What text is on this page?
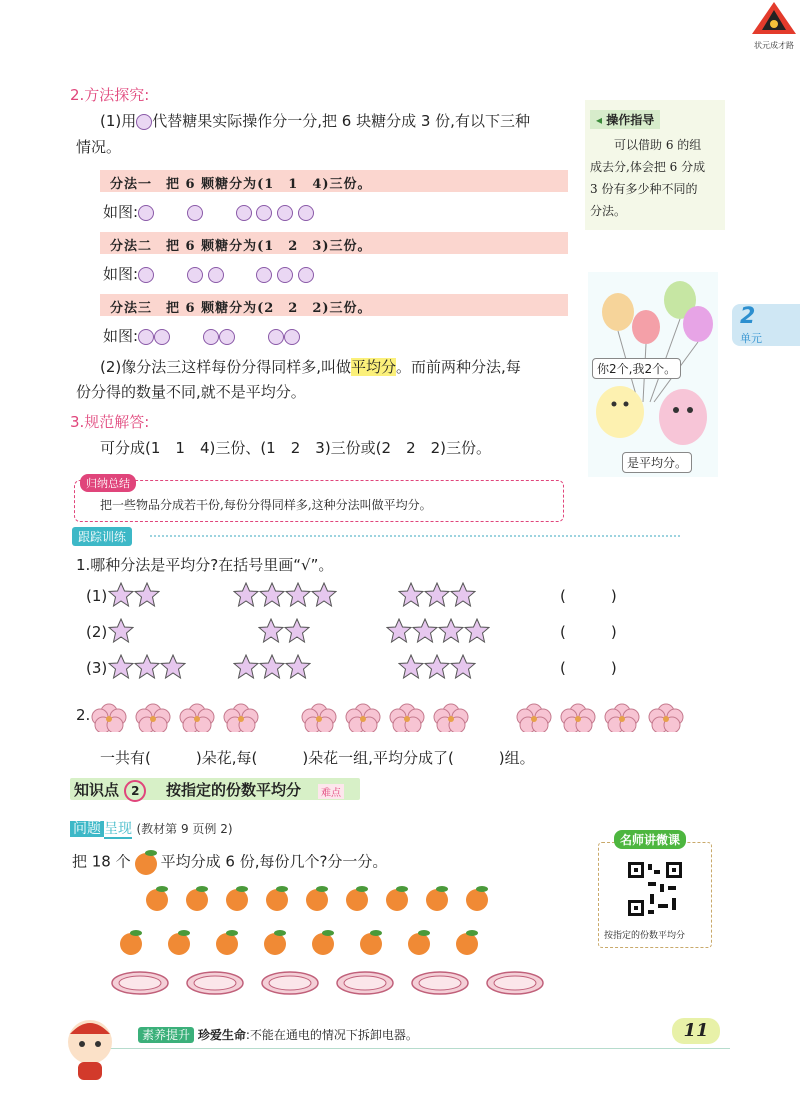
状元成才路
2.方法探究:
(1)用 代替糖果实际操作分一分,把 6 块糖分成 3 份,有以下三种
情况。
分法一　把 6 颗糖分为(1　1　4)三份。
如图:
分法二　把 6 颗糖分为(1　2　3)三份。
如图:
分法三　把 6 颗糖分为(2　2　2)三份。
如图:
(2)像分法三这样每份分得同样多,叫做平均分。而前两种分法,每
份分得的数量不同,就不是平均分。
3.规范解答:
可分成(1　1　4)三份、(1　2　3)三份或(2　2　2)三份。
归纳总结
把一些物品分成若干份,每份分得同样多,这种分法叫做平均分。
跟踪训练
1.哪种分法是平均分?在括号里画“√”。
(1)	(　　　)
(2)	(　　　)
(3)	(　　　)
2.
一共有(　　　)朵花,每(　　　)朵花一组,平均分成了(　　　)组。
知识点 2	按指定的份数平均分	难点
问题 呈现 (教材第 9 页例 2)
把 18 个 平均分成 6 份,每份几个?分一分。
◂ 操作指导
可以借助 6 的组
成去分,体会把 6 分成
3 份有多少种不同的
分法。
你2个,我2个。
是平均分。
2
单元
名师讲微课
按指定的份数平均分
素养提升 珍爱生命:不能在通电的情况下拆卸电器。	11
